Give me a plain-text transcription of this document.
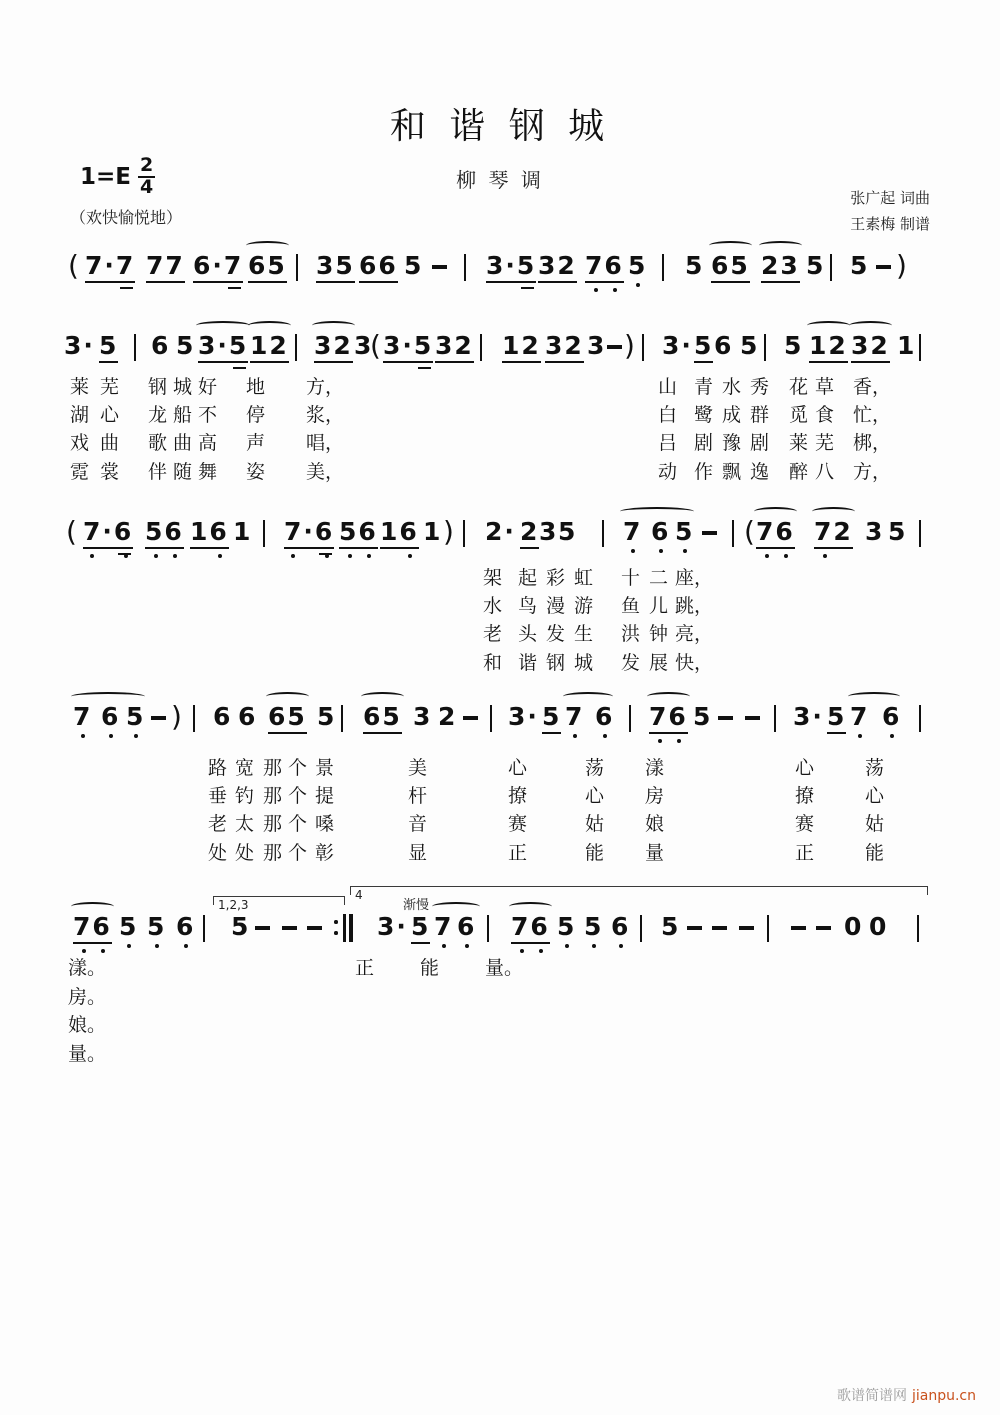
和 谐 钢 城
柳 琴 调
$1=E \frac{2}{4}$
（欢快愉悦地）
张广起 词曲
王素梅 制谱
( 7·7 77 6·7 65 35 66 5	3·5 32 76 5 5 65 23 5 5 )
3· 5 6 5 3·5 12 32 3
( 3·5 32 12 32 3 ) 3· 5 6 5 5 12 32 1
( 7·6 56 16 1 7·6 56 16 1 ) 2· 2 3 5 7 6 5 ( 76 72 3 5
7 6 5 ) 6 6 65 5 65 3 2 3· 5 7 6 76 5	3· 5 7 6
76 5 5 6 5	3· 5 7 6 76 5 5 6 5	0 0
1,2,3
4
渐慢
莱 芜 钢 城 好 地 方，	山 青 水 秀 花 草 香，
湖 心 龙 船 不 停 浆，	白 鹭 成 群 觅 食 忙，
戏 曲 歌 曲 高 声 唱，	吕 剧 豫 剧 莱 芜 梆，
霓 裳 伴 随 舞 姿 美，	动 作 飘 逸 醉 八 方，
架 起 彩 虹 十 二 座，
水 鸟 漫 游 鱼 儿 跳，
老 头 发 生 洪 钟 亮，
和 谐 钢 城 发 展 快，
路 宽 那 个 景	美	心	荡 漾	心	荡
垂 钓 那 个 提	杆	撩	心 房	撩	心
老 太 那 个 嗓	音	赛	姑 娘	赛	姑
处 处 那 个 彰	显	正	能 量	正	能
漾。	正 能 量。
房。
娘。
量。
歌谱简谱网 jianpu.cn
